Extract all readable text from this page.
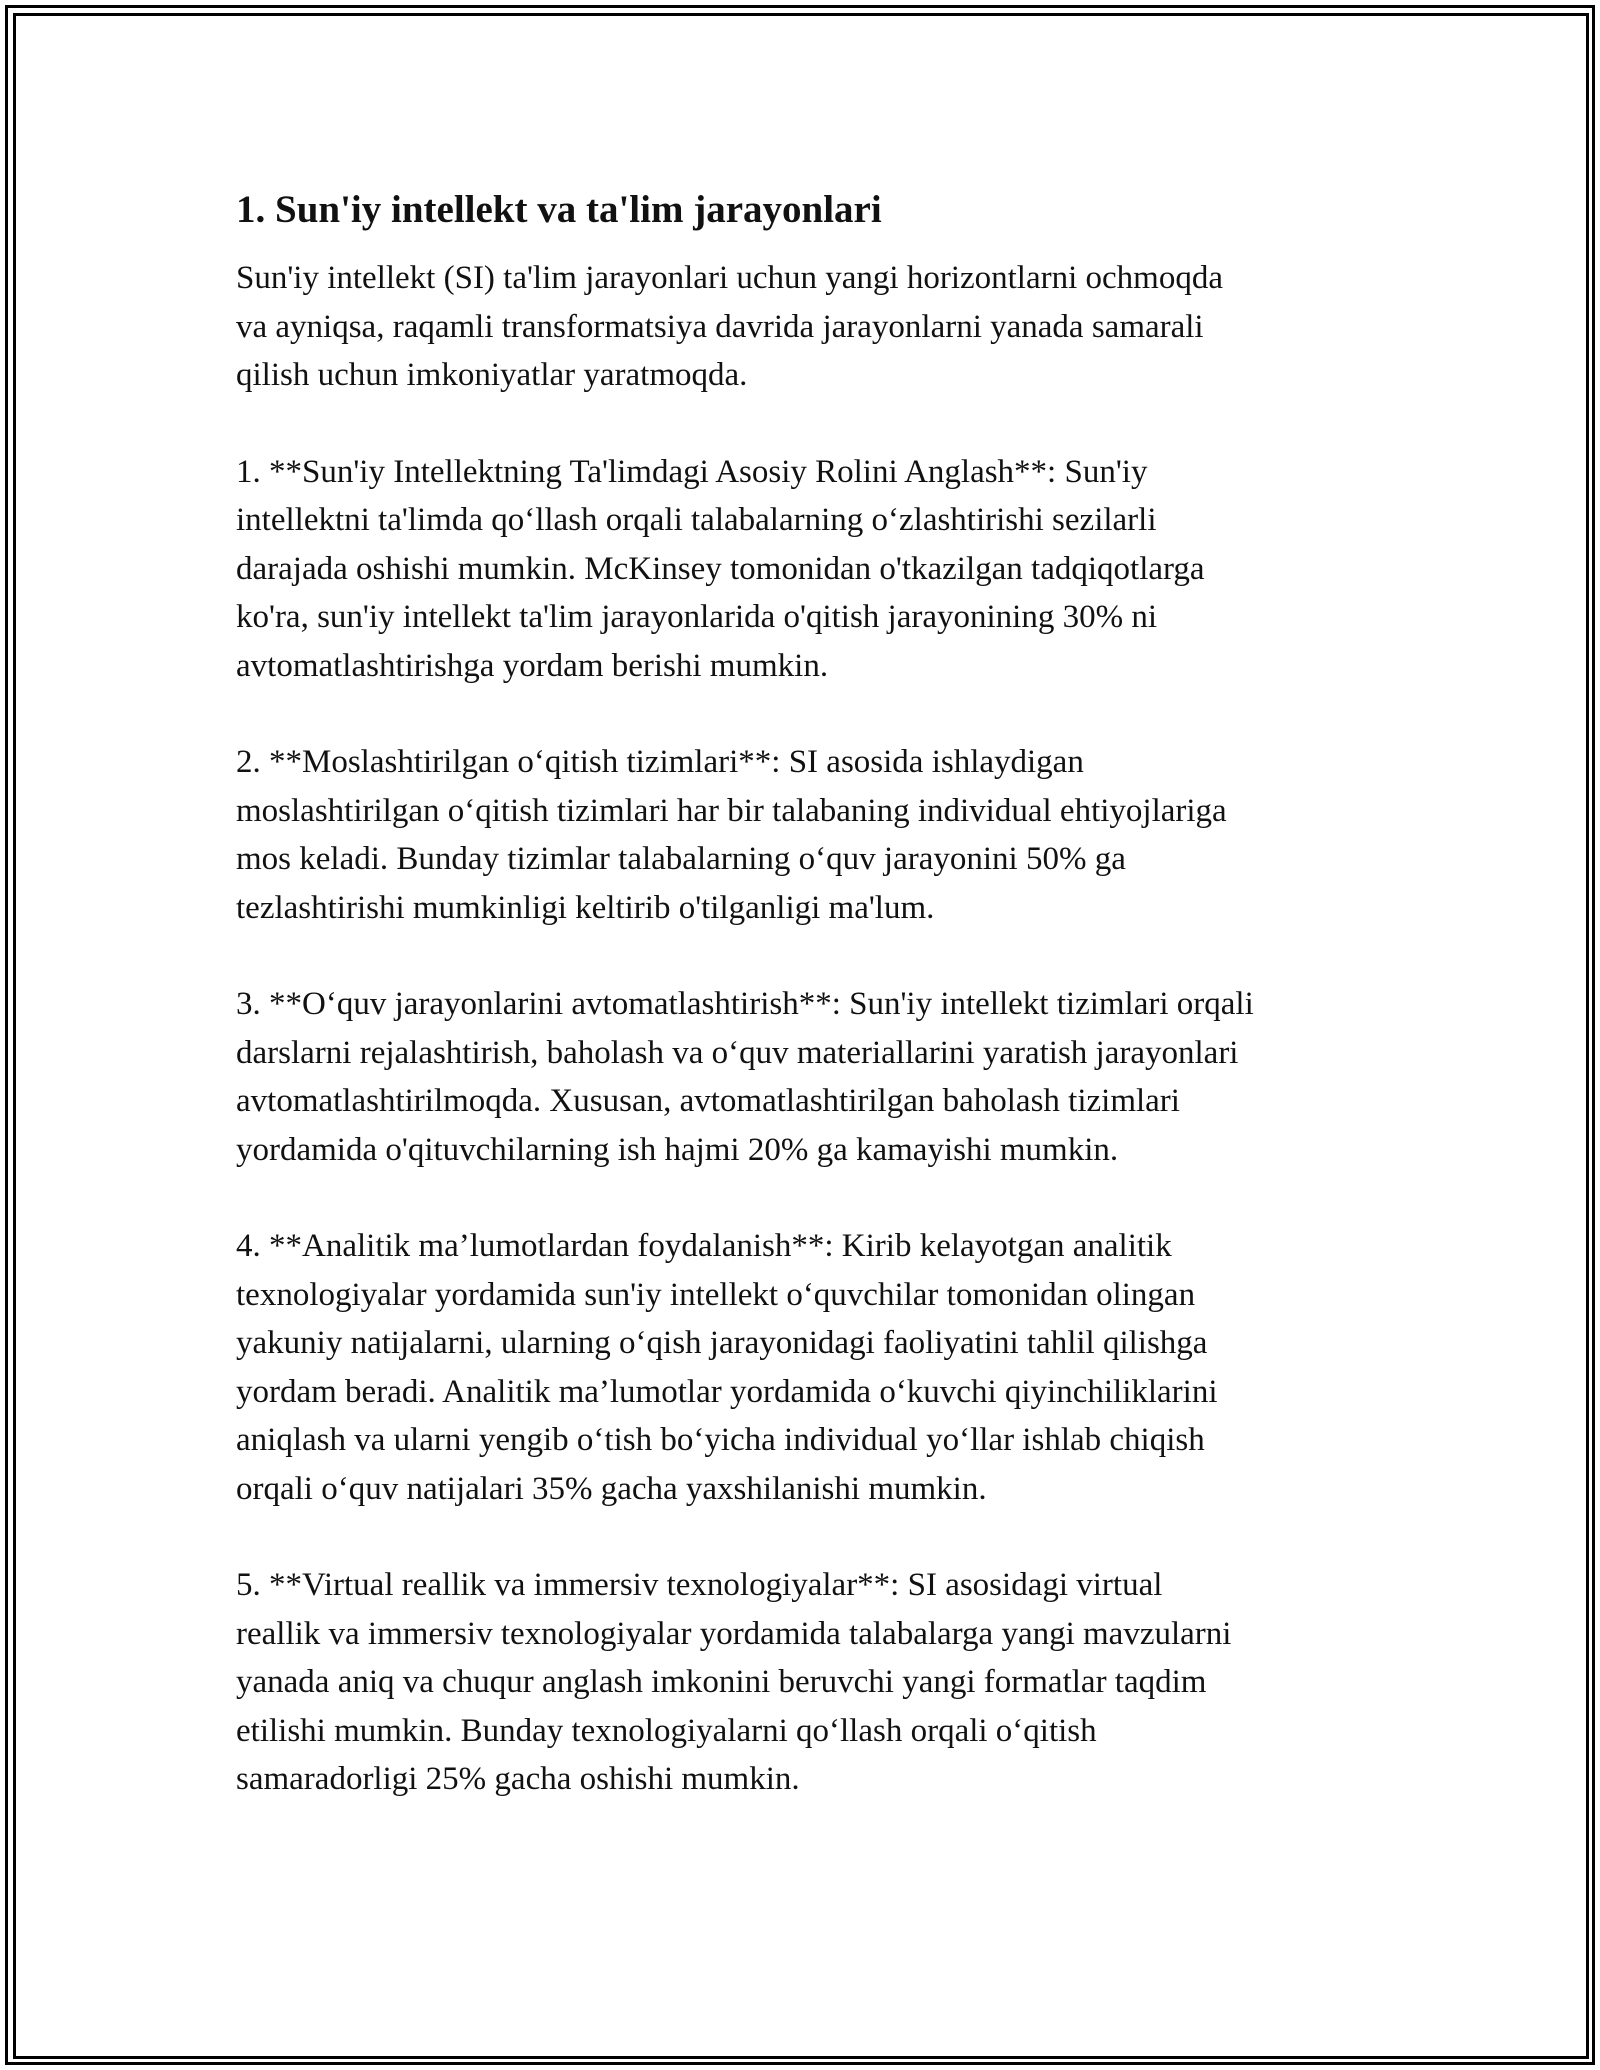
1. Sun'iy intellekt va ta'lim jarayonlari

Sun'iy intellekt (SI) ta'lim jarayonlari uchun yangi horizontlarni ochmoqda
va ayniqsa, raqamli transformatsiya davrida jarayonlarni yanada samarali
qilish uchun imkoniyatlar yaratmoqda.

1. **Sun'iy Intellektning Ta'limdagi Asosiy Rolini Anglash**: Sun'iy
intellektni ta'limda qo‘llash orqali talabalarning o‘zlashtirishi sezilarli
darajada oshishi mumkin. McKinsey tomonidan o'tkazilgan tadqiqotlarga
ko'ra, sun'iy intellekt ta'lim jarayonlarida o'qitish jarayonining 30% ni
avtomatlashtirishga yordam berishi mumkin.

2. **Moslashtirilgan o‘qitish tizimlari**: SI asosida ishlaydigan
moslashtirilgan o‘qitish tizimlari har bir talabaning individual ehtiyojlariga
mos keladi. Bunday tizimlar talabalarning o‘quv jarayonini 50% ga
tezlashtirishi mumkinligi keltirib o'tilganligi ma'lum.

3. **O‘quv jarayonlarini avtomatlashtirish**: Sun'iy intellekt tizimlari orqali
darslarni rejalashtirish, baholash va o‘quv materiallarini yaratish jarayonlari
avtomatlashtirilmoqda. Xususan, avtomatlashtirilgan baholash tizimlari
yordamida o'qituvchilarning ish hajmi 20% ga kamayishi mumkin.

4. **Analitik ma’lumotlardan foydalanish**: Kirib kelayotgan analitik
texnologiyalar yordamida sun'iy intellekt o‘quvchilar tomonidan olingan
yakuniy natijalarni, ularning o‘qish jarayonidagi faoliyatini tahlil qilishga
yordam beradi. Analitik ma’lumotlar yordamida o‘kuvchi qiyinchiliklarini
aniqlash va ularni yengib o‘tish bo‘yicha individual yo‘llar ishlab chiqish
orqali o‘quv natijalari 35% gacha yaxshilanishi mumkin.

5. **Virtual reallik va immersiv texnologiyalar**: SI asosidagi virtual
reallik va immersiv texnologiyalar yordamida talabalarga yangi mavzularni
yanada aniq va chuqur anglash imkonini beruvchi yangi formatlar taqdim
etilishi mumkin. Bunday texnologiyalarni qo‘llash orqali o‘qitish
samaradorligi 25% gacha oshishi mumkin.
